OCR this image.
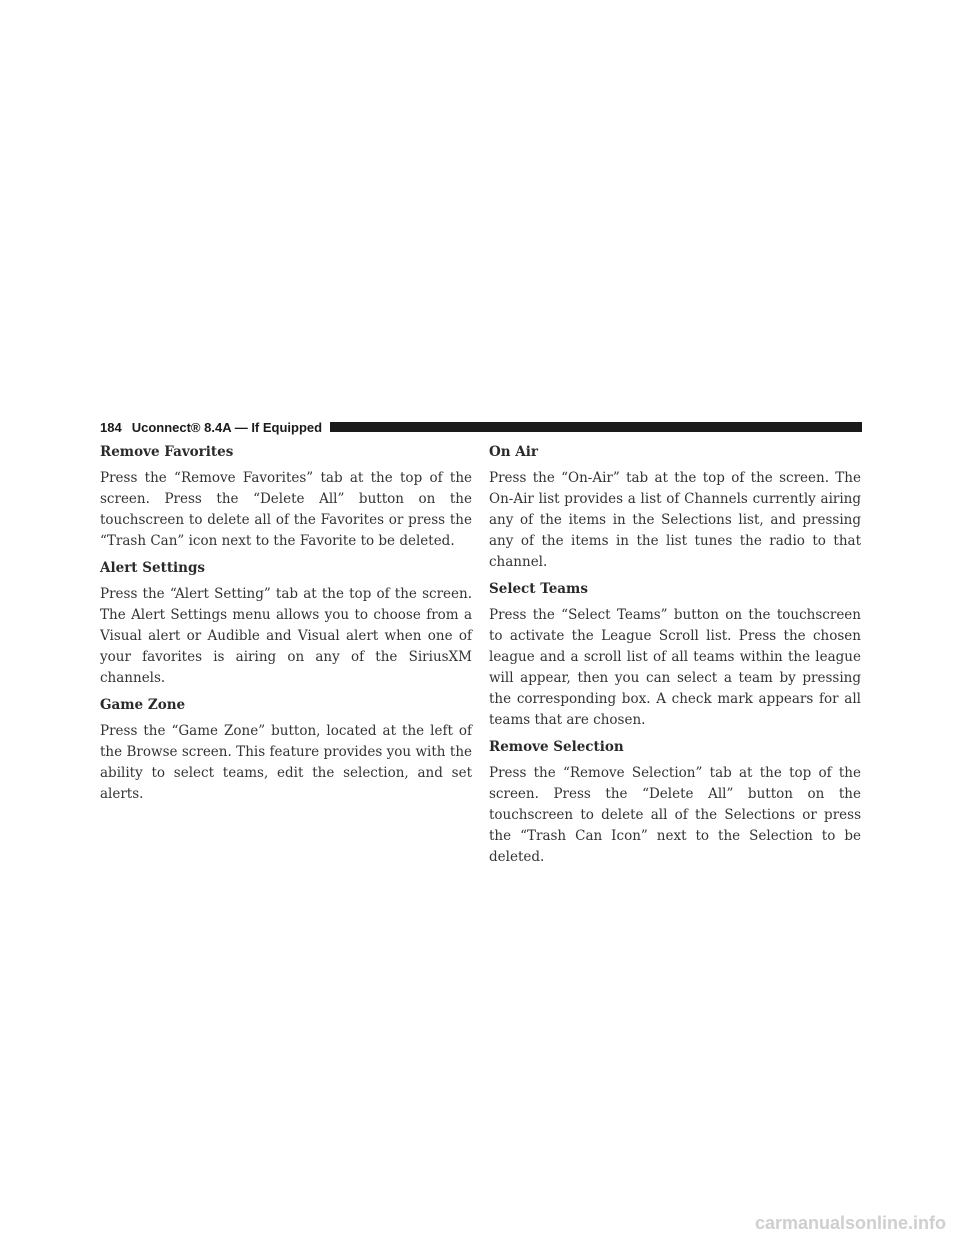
184 Uconnect® 8.4A — If Equipped
Remove Favorites

Press the “Remove Favorites” tab at the top of the screen. Press the “Delete All” button on the touchscreen to delete all of the Favorites or press the “Trash Can” icon next to the Favorite to be deleted.

Alert Settings

Press the “Alert Setting” tab at the top of the screen. The Alert Settings menu allows you to choose from a Visual alert or Audible and Visual alert when one of your favorites is airing on any of the SiriusXM channels.

Game Zone

Press the “Game Zone” button, located at the left of the Browse screen. This feature provides you with the ability to select teams, edit the selection, and set alerts.

On Air

Press the “On-Air” tab at the top of the screen. The On-Air list provides a list of Channels currently airing any of the items in the Selections list, and pressing any of the items in the list tunes the radio to that channel.

Select Teams

Press the “Select Teams” button on the touchscreen to activate the League Scroll list. Press the chosen league and a scroll list of all teams within the league will appear, then you can select a team by pressing the corresponding box. A check mark appears for all teams that are chosen.

Remove Selection

Press the “Remove Selection” tab at the top of the screen. Press the “Delete All” button on the touchscreen to delete all of the Selections or press the “Trash Can Icon” next to the Selection to be deleted.

carmanualsonline.info
